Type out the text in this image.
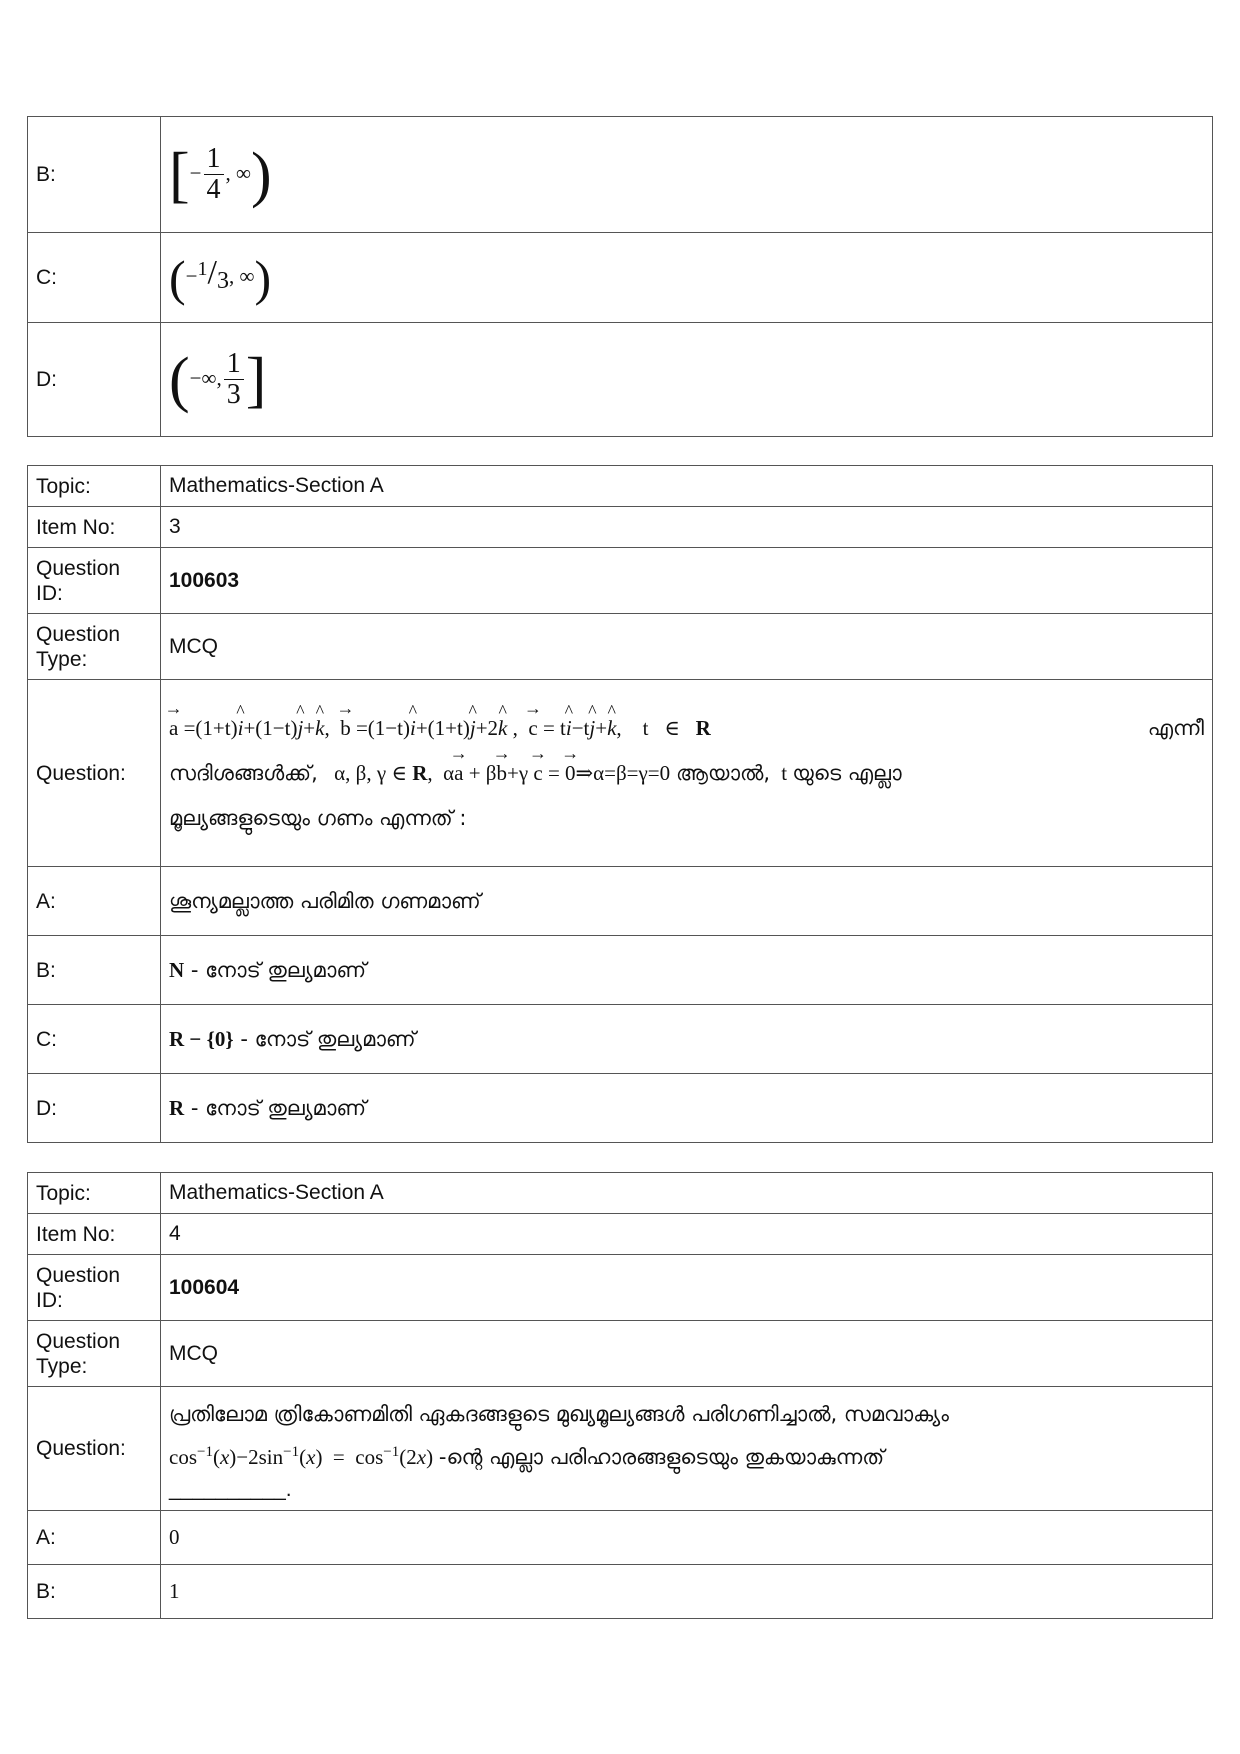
B:	[− $\frac{1}{4}$ , ∞)
C:	($-^1/_3$, ∞)
D:	(−∞, $\frac{1}{3}$ ]
Topic:	Mathematics-Section A
Item No:	3
Question ID:	100603
Question Type:	MCQ
Question:	→ a =(1+t)^ i+(1−t)^ j+^ k,  → b =(1−t)^ i+(1+t)^ j+2^ k ,  → c = t^ i−t^ j+^ k,    t   ∈   R എന്നീ
സദിശങ്ങൾക്ക്,   α, β, γ ∈ R,  α→ a + β→ b+γ → c = → 0⇒α=β=γ=0 ആയാൽ,  t യുടെ എല്ലാ
മൂല്യങ്ങളുടെയും ഗണം എന്നത് :

A:	ശൂന്യമല്ലാത്ത പരിമിത ഗണമാണ്
B:	N - നോട് തുല്യമാണ്
C:	R − {0} - നോട് തുല്യമാണ്
D:	R - നോട് തുല്യമാണ്
Topic:	Mathematics-Section A
Item No:	4
Question ID:	100604
Question Type:	MCQ
Question:	പ്രതിലോമ ത്രികോണമിതി ഏകദങ്ങളുടെ മുഖ്യമൂല്യങ്ങൾ പരിഗണിച്ചാൽ, സമവാക്യം
$\cos^{-1}(x)-2\sin^{-1}(x) = \cos^{-1}(2x)$ -ന്റെ എല്ലാ പരിഹാരങ്ങളുടെയും തുകയാകുന്നത്
__________.

A:	0
B:	1
